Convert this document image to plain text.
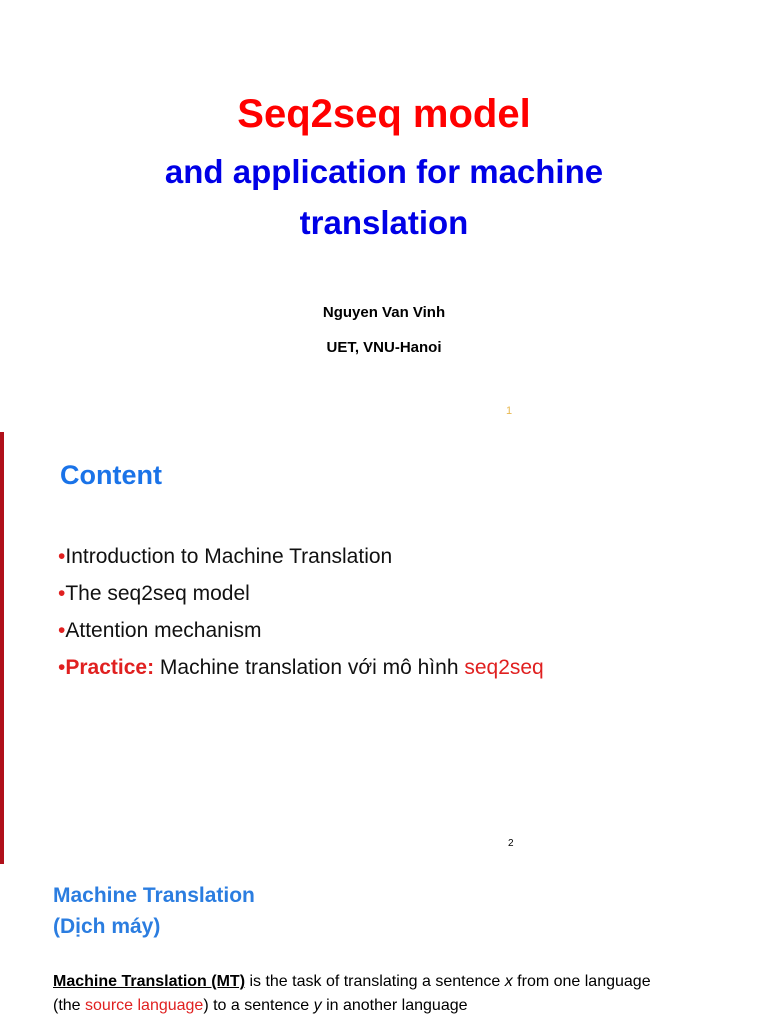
Seq2seq model
and application for machine translation
Nguyen Van Vinh
UET, VNU-Hanoi
1
Content
•Introduction to Machine Translation
•The seq2seq model
•Attention mechanism
•Practice: Machine translation với mô hình seq2seq
2
Machine Translation
(Dịch máy)
Machine Translation (MT) is the task of translating a sentence x from one language (the source language) to a sentence y in another language
